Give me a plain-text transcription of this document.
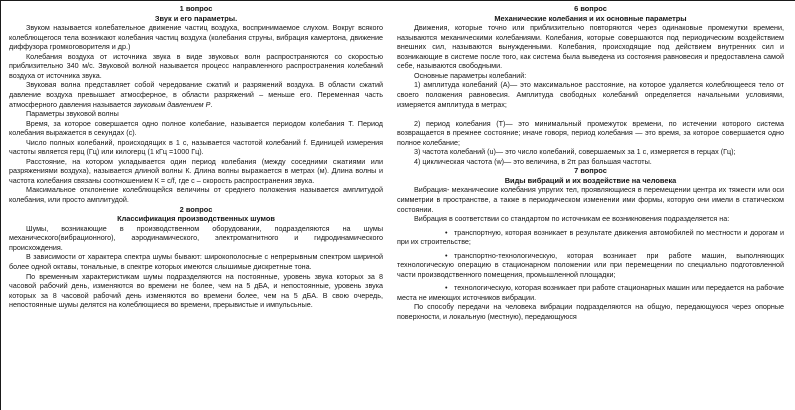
1 вопрос
Звук и его параметры.

Звуком называется колебательное движение частиц воздуха, воспринимаемое слухом. Вокруг всякого колеблющегося тела возникают колебания частиц воздуха (колебания струны, вибрация камертона, движение диффузора громкоговорителя и др.)

Колебания воздуха от источника звука в виде звуковых волн распространяются со скоростью приблизительно 340 м/с. Звуковой волной называется процесс направленного распространения колебаний воздуха от источника звука.

Звуковая волна представляет собой чередование сжатий и разряжений воздуха. В области сжатий давление воздуха превышает атмосферное, в области разряжений – меньше его. Переменная часть атмосферного давления называется звуковым давлением Р.

Параметры звуковой волны

Время, за которое совершается одно полное колебание, называется периодом колебания Т. Период колебания выражается в секундах (с).

Число полных колебаний, происходящих в 1 с, называется частотой колебаний f. Единицей измерения частоты является герц (Гц) или килогерц (1 кГц =1000 Гц).

Расстояние, на котором укладывается один период колебания (между соседними сжатиями или разряжениями воздуха), называется длиной волны К. Длина волны выражается в метрах (м). Длина волны и частота колебания связаны соотношением К = c/f, где с – скорость распространения звука.

Максимальное отклонение колеблющейся величины от среднего положения называется амплитудой колебания, или просто амплитудой.

2 вопрос
Классификация производственных шумов

Шумы, возникающие в производственном оборудовании, подразделяются на шумы механического(вибрационного), аэродинамического, электромагнитного и гидродинамического происхождения.

В зависимости от характера спектра шумы бывают: широкополосные с непрерывным спектром шириной более одной октавы, тональные, в спектре которых имеются слышимые дискретные тона.

По временным характеристикам шумы подразделяются на постоянные, уровень звука которых за 8 часовой рабочий день, изменяются во времени не более, чем на 5 дБА, и непостоянные, уровень звука которых за 8 часовой рабочий день изменяются во времени более, чем на 5 дБА. В свою очередь, непостоянные шумы делятся на колеблющиеся во времени, прерывистые и импульсьные.

6 вопрос
Механические колебания и их основные параметры

Движения, которые точно или приблизительно повторяются через одинаковые промежутки времени, называются механическими колебаниями. Колебания, которые совершаются под периодическим воздействием внешних сил, называются вынужденными. Колебания, происходящие под действием внутренних сил и возникающие в системе после того, как система была выведена из состояния равновесия и предоставлена самой себе, называются свободными.

Основные параметры колебаний:

1) амплитуда колебаний (А)— это максимальное расстояние, на которое удаляется колеблющееся тело от своего положения равновесия. Амплитуда свободных колебаний определяется начальными условиями, измеряется амплитуда в метрах;

2) период колебания (Т)— это минимальный промежуток времени, по истечении которого система возвращается в прежнее состояние; иначе говоря, период колебания — это время, за которое совершается одно полное колебание;

3) частота колебаний (u)— это число колебаний, совершаемых за 1 с, измеряется в герцах (Гц);

4) циклическая частота (w)— это величина, в 2π раз большая частоты.

7 вопрос
Виды вибраций и их воздействие на человека

Вибрация- механические колебания упругих тел, проявляющиеся в перемещении центра их тяжести или оси симметрии в пространстве, а также в периодическом изменении ими формы, которую они имели в статическом состоянии.

Вибрация в соответствии со стандартом по источникам ее возникновения подразделяется на:

• транспортную, которая возникает в результате движения автомобилей по местности и дорогам и при их строительстве;

• транспортно-технологическую, которая возникает при работе машин, выполняющих технологическую операцию в стационарном положении или при перемещении по специально подготовленной части производственного помещения, промышленной площадки;

• технологическую, которая возникает при работе стационарных машин или передается на рабочие места не имеющих источников вибрации.

По способу передачи на человека вибрации подразделяются на общую, передающуюся через опорные поверхности, и локальную (местную), передающуюся
